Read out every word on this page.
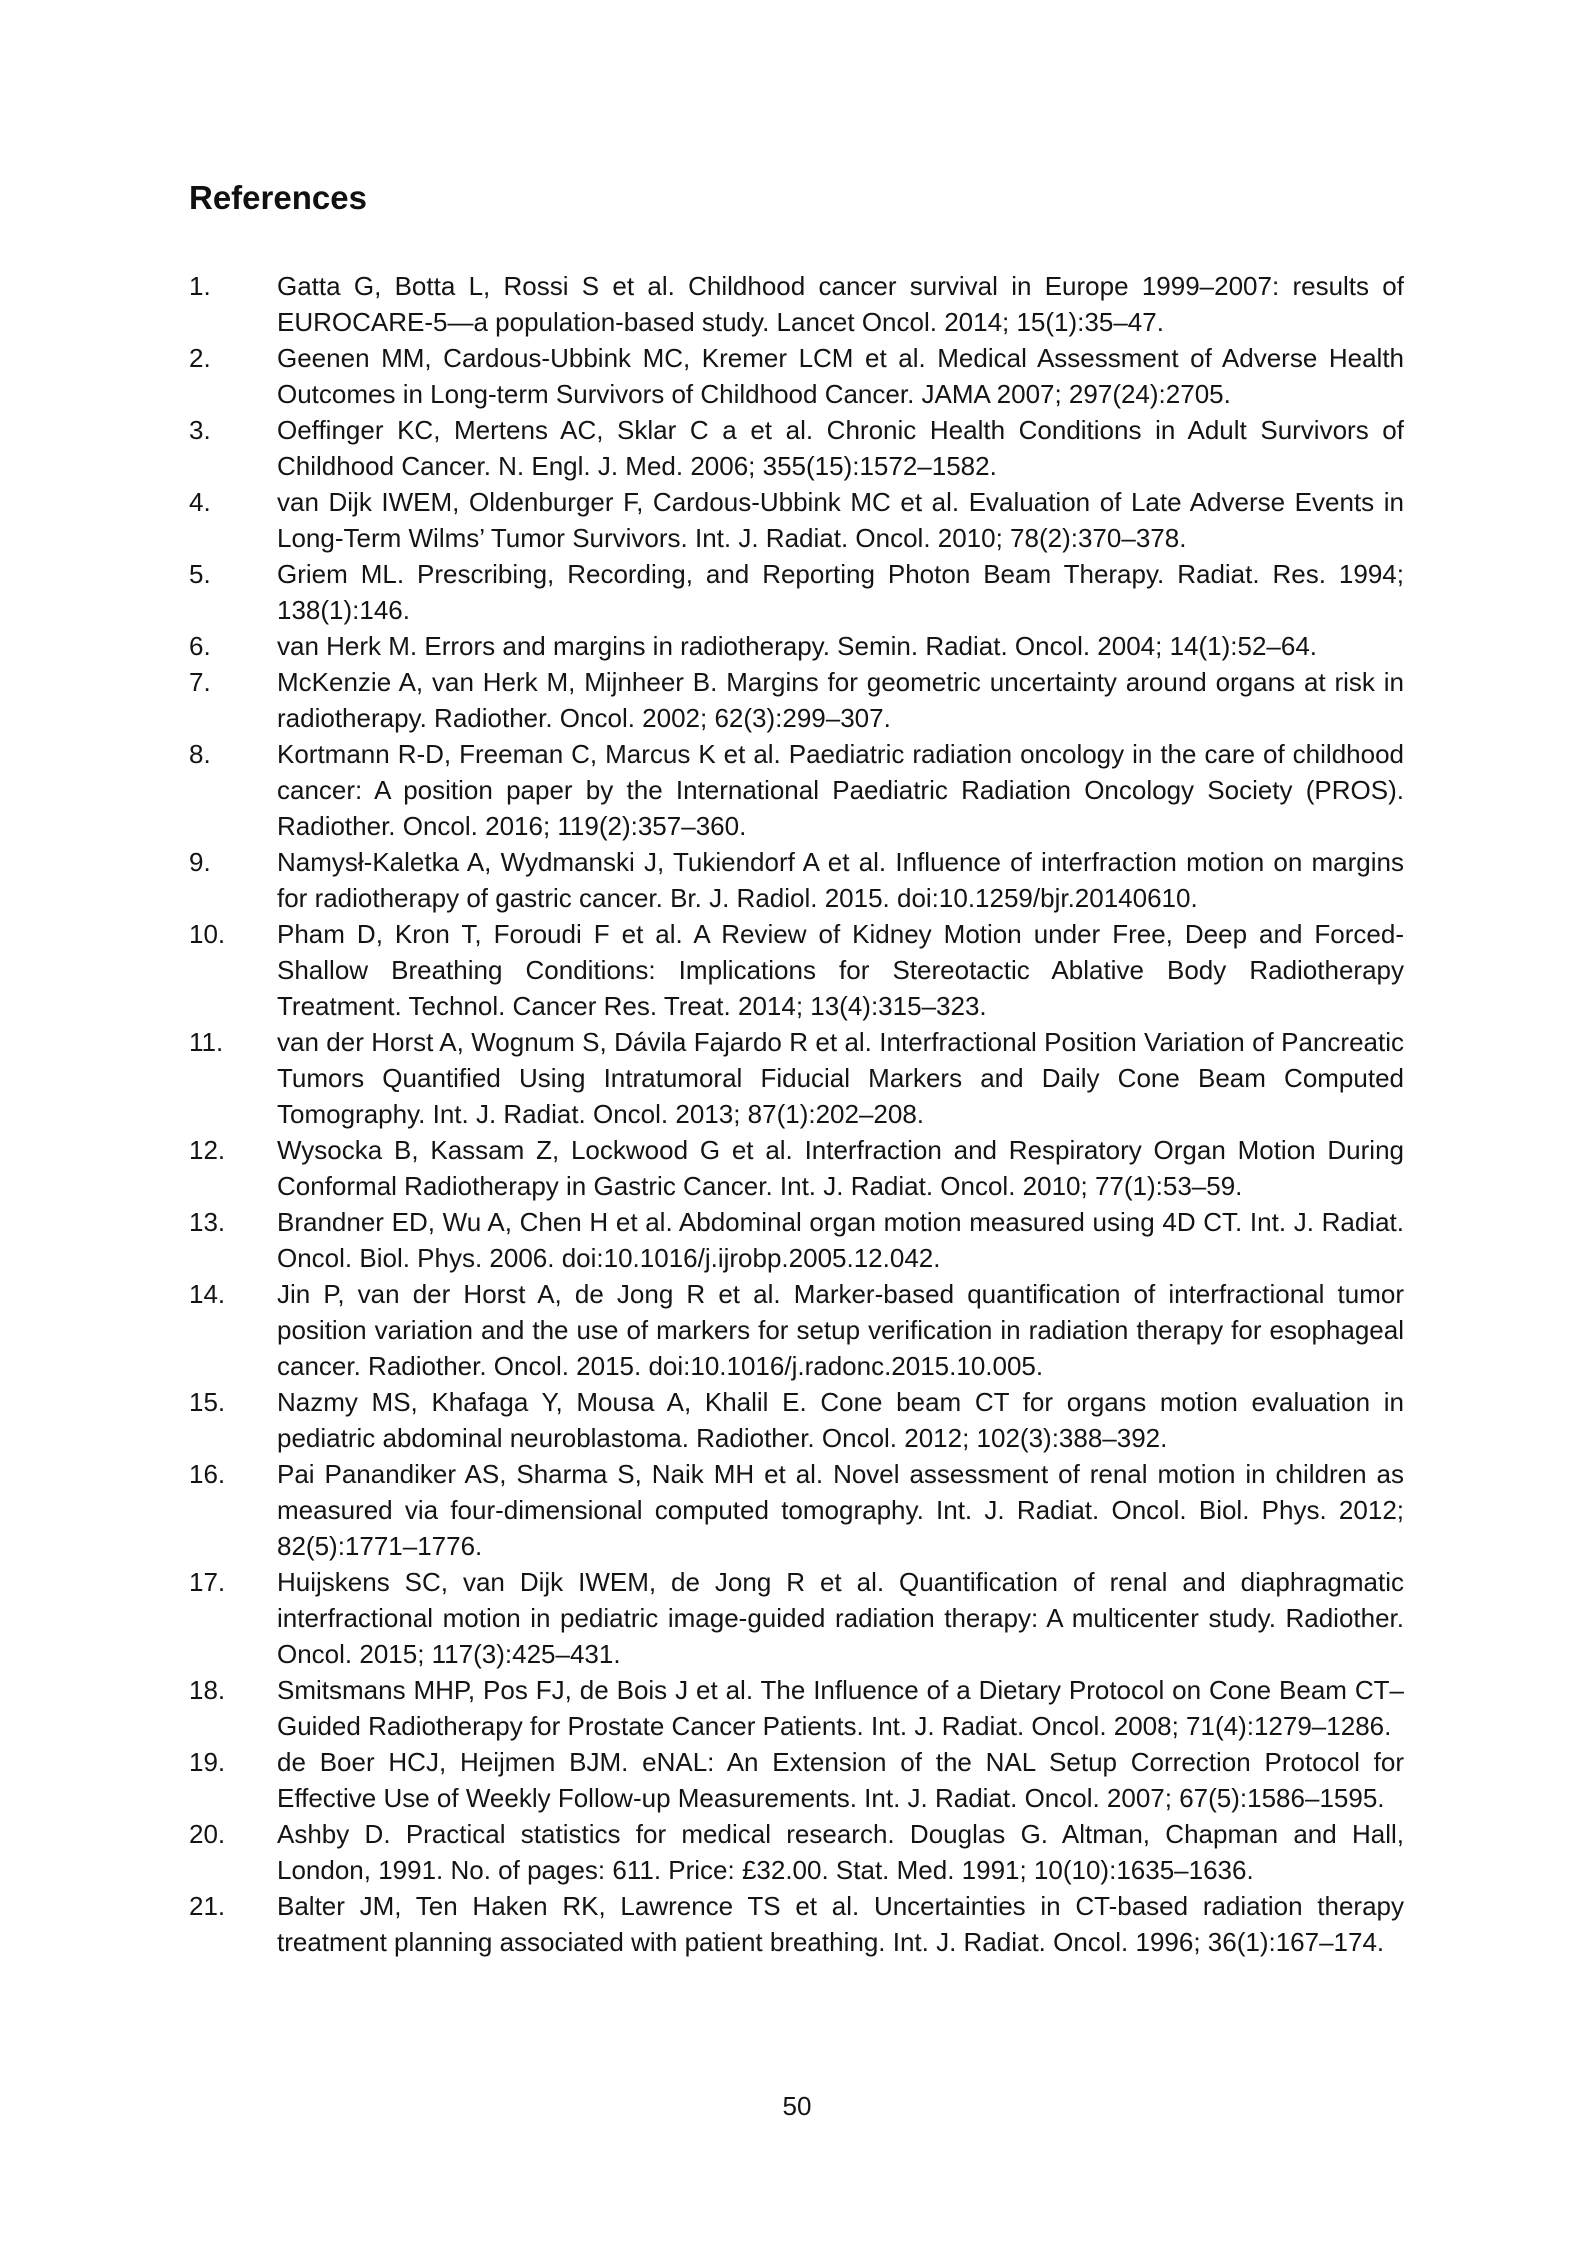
References
1.	Gatta G, Botta L, Rossi S et al. Childhood cancer survival in Europe 1999–2007: results of EUROCARE-5—a population-based study. Lancet Oncol. 2014; 15(1):35–47.
2.	Geenen MM, Cardous-Ubbink MC, Kremer LCM et al. Medical Assessment of Adverse Health Outcomes in Long-term Survivors of Childhood Cancer. JAMA 2007; 297(24):2705.
3.	Oeffinger KC, Mertens AC, Sklar C a et al. Chronic Health Conditions in Adult Survivors of Childhood Cancer. N. Engl. J. Med. 2006; 355(15):1572–1582.
4.	van Dijk IWEM, Oldenburger F, Cardous-Ubbink MC et al. Evaluation of Late Adverse Events in Long-Term Wilms’ Tumor Survivors. Int. J. Radiat. Oncol. 2010; 78(2):370–378.
5.	Griem ML. Prescribing, Recording, and Reporting Photon Beam Therapy. Radiat. Res. 1994; 138(1):146.
6.	van Herk M. Errors and margins in radiotherapy. Semin. Radiat. Oncol. 2004; 14(1):52–64.
7.	McKenzie A, van Herk M, Mijnheer B. Margins for geometric uncertainty around organs at risk in radiotherapy. Radiother. Oncol. 2002; 62(3):299–307.
8.	Kortmann R-D, Freeman C, Marcus K et al. Paediatric radiation oncology in the care of childhood cancer: A position paper by the International Paediatric Radiation Oncology Society (PROS). Radiother. Oncol. 2016; 119(2):357–360.
9.	Namysł-Kaletka A, Wydmanski J, Tukiendorf A et al. Influence of interfraction motion on margins for radiotherapy of gastric cancer. Br. J. Radiol. 2015. doi:10.1259/bjr.20140610.
10. Pham D, Kron T, Foroudi F et al. A Review of Kidney Motion under Free, Deep and Forced-Shallow Breathing Conditions: Implications for Stereotactic Ablative Body Radiotherapy Treatment. Technol. Cancer Res. Treat. 2014; 13(4):315–323.
11. van der Horst A, Wognum S, Dávila Fajardo R et al. Interfractional Position Variation of Pancreatic Tumors Quantified Using Intratumoral Fiducial Markers and Daily Cone Beam Computed Tomography. Int. J. Radiat. Oncol. 2013; 87(1):202–208.
12. Wysocka B, Kassam Z, Lockwood G et al. Interfraction and Respiratory Organ Motion During Conformal Radiotherapy in Gastric Cancer. Int. J. Radiat. Oncol. 2010; 77(1):53–59.
13. Brandner ED, Wu A, Chen H et al. Abdominal organ motion measured using 4D CT. Int. J. Radiat. Oncol. Biol. Phys. 2006. doi:10.1016/j.ijrobp.2005.12.042.
14. Jin P, van der Horst A, de Jong R et al. Marker-based quantification of interfractional tumor position variation and the use of markers for setup verification in radiation therapy for esophageal cancer. Radiother. Oncol. 2015. doi:10.1016/j.radonc.2015.10.005.
15. Nazmy MS, Khafaga Y, Mousa A, Khalil E. Cone beam CT for organs motion evaluation in pediatric abdominal neuroblastoma. Radiother. Oncol. 2012; 102(3):388–392.
16. Pai Panandiker AS, Sharma S, Naik MH et al. Novel assessment of renal motion in children as measured via four-dimensional computed tomography. Int. J. Radiat. Oncol. Biol. Phys. 2012; 82(5):1771–1776.
17. Huijskens SC, van Dijk IWEM, de Jong R et al. Quantification of renal and diaphragmatic interfractional motion in pediatric image-guided radiation therapy: A multicenter study. Radiother. Oncol. 2015; 117(3):425–431.
18. Smitsmans MHP, Pos FJ, de Bois J et al. The Influence of a Dietary Protocol on Cone Beam CT–Guided Radiotherapy for Prostate Cancer Patients. Int. J. Radiat. Oncol. 2008; 71(4):1279–1286.
19. de Boer HCJ, Heijmen BJM. eNAL: An Extension of the NAL Setup Correction Protocol for Effective Use of Weekly Follow-up Measurements. Int. J. Radiat. Oncol. 2007; 67(5):1586–1595.
20. Ashby D. Practical statistics for medical research. Douglas G. Altman, Chapman and Hall, London, 1991. No. of pages: 611. Price: £32.00. Stat. Med. 1991; 10(10):1635–1636.
21. Balter JM, Ten Haken RK, Lawrence TS et al. Uncertainties in CT-based radiation therapy treatment planning associated with patient breathing. Int. J. Radiat. Oncol. 1996; 36(1):167–174.
50
